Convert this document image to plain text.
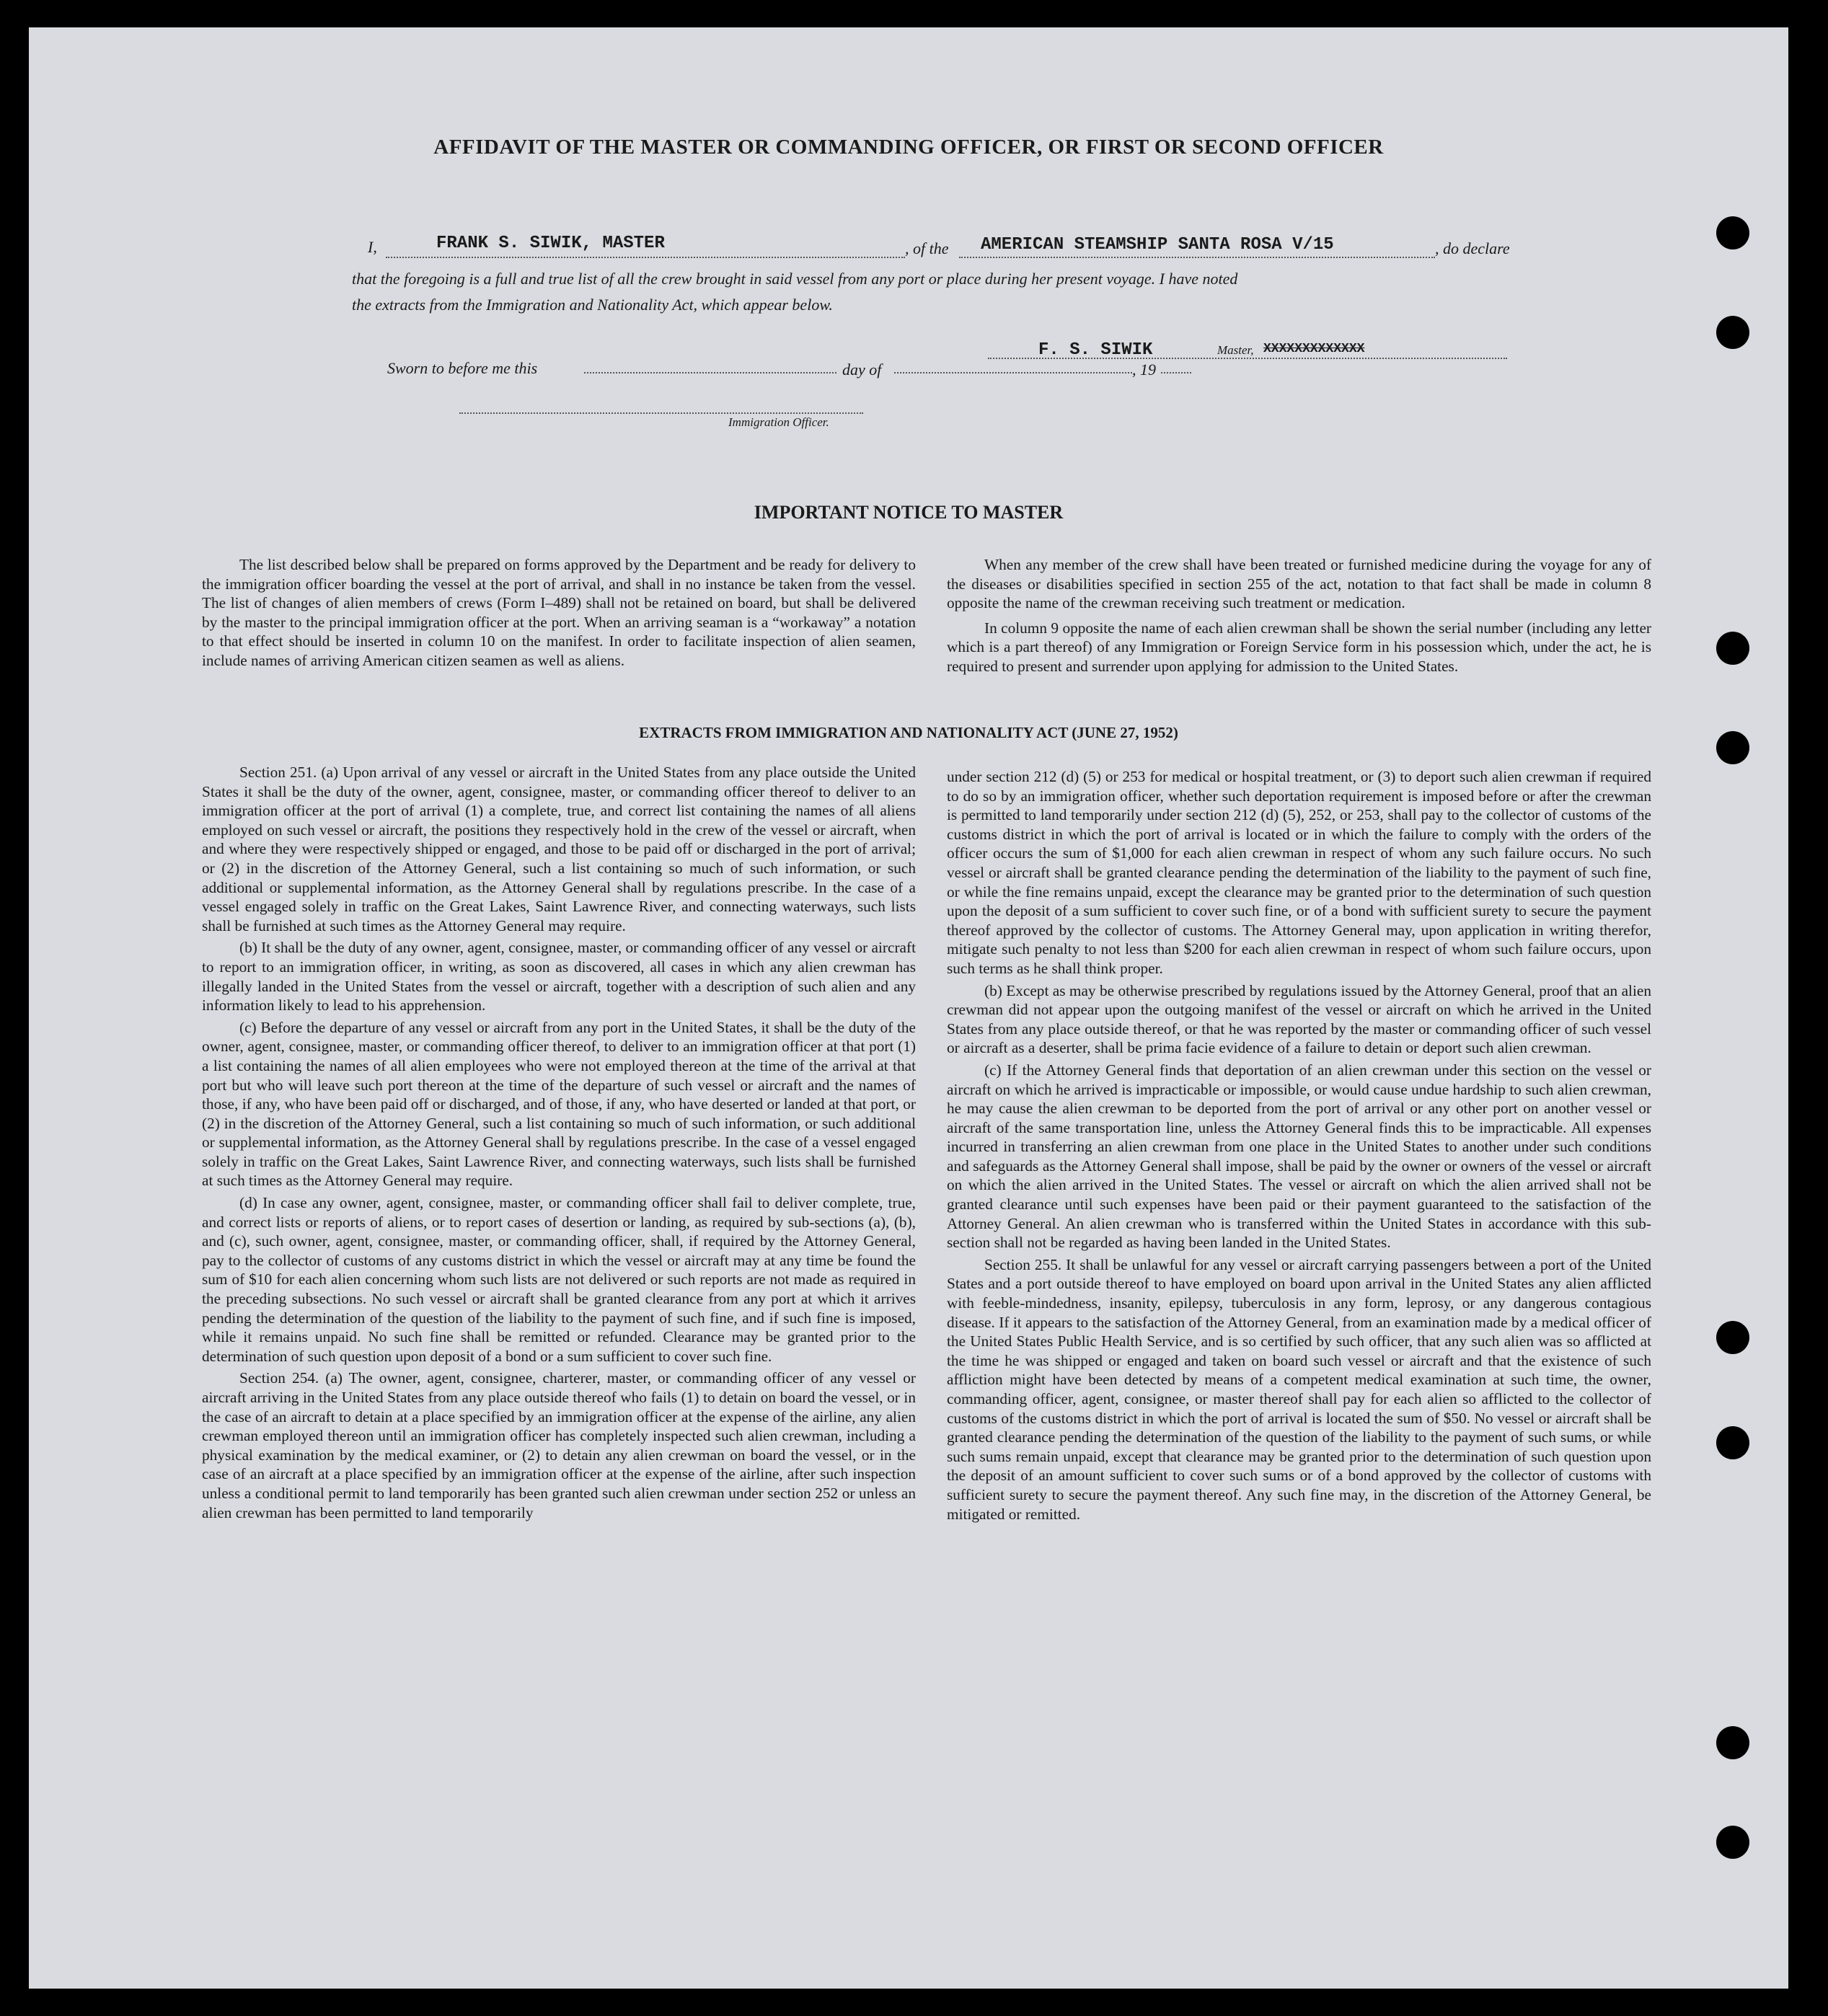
AFFIDAVIT OF THE MASTER OR COMMANDING OFFICER, OR FIRST OR SECOND OFFICER
I,	FRANK S. SIWIK, MASTER	, of the AMERICAN STEAMSHIP SANTA ROSA V/15	, do declare
that the foregoing is a full and true list of all the crew brought in said vessel from any port or place during her present voyage. I have noted
the extracts from the Immigration and Nationality Act, which appear below.
F. S. SIWIK	Master, XXXXXXXXXXXXX
Sworn to before me this	day of	, 19
Immigration Officer.
IMPORTANT NOTICE TO MASTER

The list described below shall be prepared on forms approved by the Department and be ready for delivery to the immigration officer boarding the vessel at the port of arrival, and shall in no instance be taken from the vessel. The list of changes of alien members of crews (Form I–489) shall not be retained on board, but shall be delivered by the master to the principal immigration officer at the port. When an arriving seaman is a “workaway” a notation to that effect should be inserted in column 10 on the manifest. In order to facilitate inspection of alien seamen, include names of arriving American citizen seamen as well as aliens.

When any member of the crew shall have been treated or furnished medicine during the voyage for any of the diseases or disabilities specified in section 255 of the act, notation to that fact shall be made in column 8 opposite the name of the crewman receiving such treatment or medication.

In column 9 opposite the name of each alien crewman shall be shown the serial number (including any letter which is a part thereof) of any Immigration or Foreign Service form in his possession which, under the act, he is required to present and surrender upon applying for admission to the United States.

EXTRACTS FROM IMMIGRATION AND NATIONALITY ACT (JUNE 27, 1952)

Section 251. (a) Upon arrival of any vessel or aircraft in the United States from any place outside the United States it shall be the duty of the owner, agent, consignee, master, or commanding officer thereof to deliver to an immigration officer at the port of arrival (1) a complete, true, and correct list containing the names of all aliens employed on such vessel or aircraft, the positions they respectively hold in the crew of the vessel or aircraft, when and where they were respectively shipped or engaged, and those to be paid off or discharged in the port of arrival; or (2) in the discretion of the Attorney General, such a list containing so much of such information, or such additional or supplemental information, as the Attorney General shall by regulations prescribe. In the case of a vessel engaged solely in traffic on the Great Lakes, Saint Lawrence River, and connecting waterways, such lists shall be furnished at such times as the Attorney General may require.

(b) It shall be the duty of any owner, agent, consignee, master, or commanding officer of any vessel or aircraft to report to an immigration officer, in writing, as soon as discovered, all cases in which any alien crewman has illegally landed in the United States from the vessel or aircraft, together with a description of such alien and any information likely to lead to his apprehension.

(c) Before the departure of any vessel or aircraft from any port in the United States, it shall be the duty of the owner, agent, consignee, master, or commanding officer thereof, to deliver to an immigration officer at that port (1) a list containing the names of all alien employees who were not employed thereon at the time of the arrival at that port but who will leave such port thereon at the time of the departure of such vessel or aircraft and the names of those, if any, who have been paid off or discharged, and of those, if any, who have deserted or landed at that port, or (2) in the discretion of the Attorney General, such a list containing so much of such information, or such additional or supplemental information, as the Attorney General shall by regulations prescribe. In the case of a vessel engaged solely in traffic on the Great Lakes, Saint Lawrence River, and connecting waterways, such lists shall be furnished at such times as the Attorney General may require.

(d) In case any owner, agent, consignee, master, or commanding officer shall fail to deliver complete, true, and correct lists or reports of aliens, or to report cases of desertion or landing, as required by sub-sections (a), (b), and (c), such owner, agent, consignee, master, or commanding officer, shall, if required by the Attorney General, pay to the collector of customs of any customs district in which the vessel or aircraft may at any time be found the sum of $10 for each alien concerning whom such lists are not delivered or such reports are not made as required in the preceding subsections. No such vessel or aircraft shall be granted clearance from any port at which it arrives pending the determination of the question of the liability to the payment of such fine, and if such fine is imposed, while it remains unpaid. No such fine shall be remitted or refunded. Clearance may be granted prior to the determination of such question upon deposit of a bond or a sum sufficient to cover such fine.

Section 254. (a) The owner, agent, consignee, charterer, master, or commanding officer of any vessel or aircraft arriving in the United States from any place outside thereof who fails (1) to detain on board the vessel, or in the case of an aircraft to detain at a place specified by an immigration officer at the expense of the airline, any alien crewman employed thereon until an immigration officer has completely inspected such alien crewman, including a physical examination by the medical examiner, or (2) to detain any alien crewman on board the vessel, or in the case of an aircraft at a place specified by an immigration officer at the expense of the airline, after such inspection unless a conditional permit to land temporarily has been granted such alien crewman under section 252 or unless an alien crewman has been permitted to land temporarily

under section 212 (d) (5) or 253 for medical or hospital treatment, or (3) to deport such alien crewman if required to do so by an immigration officer, whether such deportation requirement is imposed before or after the crewman is permitted to land temporarily under section 212 (d) (5), 252, or 253, shall pay to the collector of customs of the customs district in which the port of arrival is located or in which the failure to comply with the orders of the officer occurs the sum of $1,000 for each alien crewman in respect of whom any such failure occurs. No such vessel or aircraft shall be granted clearance pending the determination of the liability to the payment of such fine, or while the fine remains unpaid, except the clearance may be granted prior to the determination of such question upon the deposit of a sum sufficient to cover such fine, or of a bond with sufficient surety to secure the payment thereof approved by the collector of customs. The Attorney General may, upon application in writing therefor, mitigate such penalty to not less than $200 for each alien crewman in respect of whom such failure occurs, upon such terms as he shall think proper.

(b) Except as may be otherwise prescribed by regulations issued by the Attorney General, proof that an alien crewman did not appear upon the outgoing manifest of the vessel or aircraft on which he arrived in the United States from any place outside thereof, or that he was reported by the master or commanding officer of such vessel or aircraft as a deserter, shall be prima facie evidence of a failure to detain or deport such alien crewman.

(c) If the Attorney General finds that deportation of an alien crewman under this section on the vessel or aircraft on which he arrived is impracticable or impossible, or would cause undue hardship to such alien crewman, he may cause the alien crewman to be deported from the port of arrival or any other port on another vessel or aircraft of the same transportation line, unless the Attorney General finds this to be impracticable. All expenses incurred in transferring an alien crewman from one place in the United States to another under such conditions and safeguards as the Attorney General shall impose, shall be paid by the owner or owners of the vessel or aircraft on which the alien arrived in the United States. The vessel or aircraft on which the alien arrived shall not be granted clearance until such expenses have been paid or their payment guaranteed to the satisfaction of the Attorney General. An alien crewman who is transferred within the United States in accordance with this sub-section shall not be regarded as having been landed in the United States.

Section 255. It shall be unlawful for any vessel or aircraft carrying passengers between a port of the United States and a port outside thereof to have employed on board upon arrival in the United States any alien afflicted with feeble-mindedness, insanity, epilepsy, tuberculosis in any form, leprosy, or any dangerous contagious disease. If it appears to the satisfaction of the Attorney General, from an examination made by a medical officer of the United States Public Health Service, and is so certified by such officer, that any such alien was so afflicted at the time he was shipped or engaged and taken on board such vessel or aircraft and that the existence of such affliction might have been detected by means of a competent medical examination at such time, the owner, commanding officer, agent, consignee, or master thereof shall pay for each alien so afflicted to the collector of customs of the customs district in which the port of arrival is located the sum of $50. No vessel or aircraft shall be granted clearance pending the determination of the question of the liability to the payment of such sums, or while such sums remain unpaid, except that clearance may be granted prior to the determination of such question upon the deposit of an amount sufficient to cover such sums or of a bond approved by the collector of customs with sufficient surety to secure the payment thereof. Any such fine may, in the discretion of the Attorney General, be mitigated or remitted.
